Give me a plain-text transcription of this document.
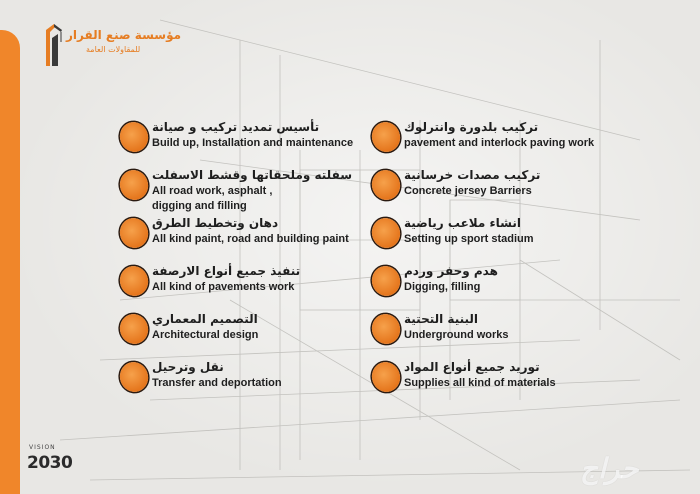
مؤسسة صنع القرار
للمقاولات العامة
تأسيس تمديد تركيب و صيانة
Build up, Installation and maintenance
سفلته وملحقاتها وقشط الاسفلت
All road work, asphalt , digging and filling
دهان وتخطيط الطرق
All kind paint, road and building paint
تنفيذ جميع أنواع الارصفة
All kind of pavements work
التصميم المعماري
Architectural design
نقل وترحيل
Transfer and deportation
تركيب بلدورة وانترلوك
pavement and interlock paving work
تركيب مصدات خرسانية
Concrete jersey Barriers
انشاء ملاعب رياضية
Setting up sport stadium
هدم وحفر وردم
Digging, filling
البنية التحتية
Underground works
توريد جميع أنواع المواد
Supplies all kind of materials
VISION
2030	حراج
